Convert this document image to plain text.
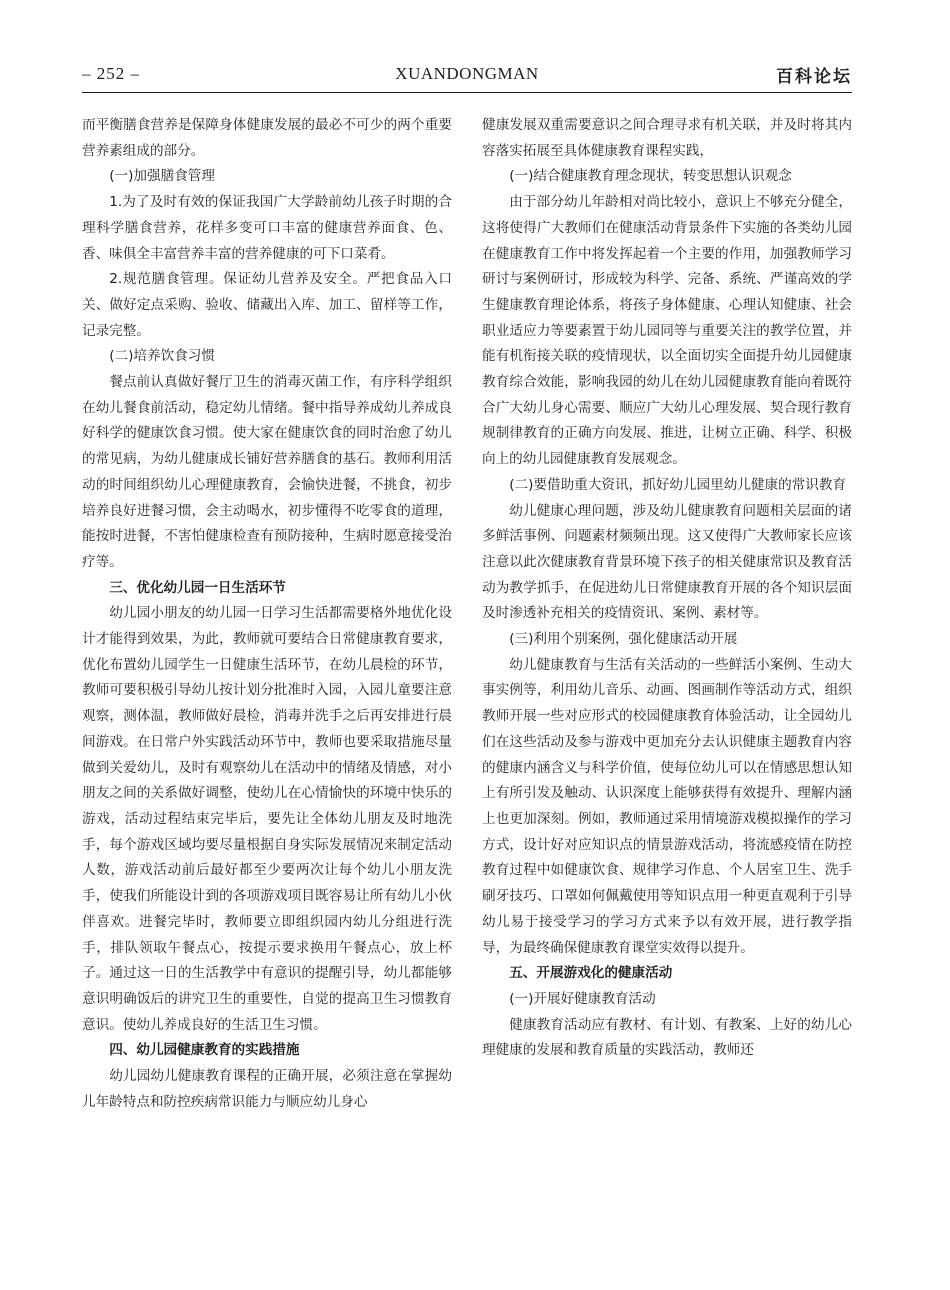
– 252 –	XUANDONGMAN	百科论坛

而平衡膳食营养是保障身体健康发展的最必不可少的两个重要营养素组成的部分。

(一)加强膳食管理

1.为了及时有效的保证我国广大学龄前幼儿孩子时期的合理科学膳食营养，花样多变可口丰富的健康营养面食、色、香、味俱全丰富营养丰富的营养健康的可下口菜肴。

2.规范膳食管理。保证幼儿营养及安全。严把食品入口关、做好定点采购、验收、储藏出入库、加工、留样等工作，记录完整。

(二)培养饮食习惯

餐点前认真做好餐厅卫生的消毒灭菌工作，有序科学组织在幼儿餐食前活动，稳定幼儿情绪。餐中指导养成幼儿养成良好科学的健康饮食习惯。使大家在健康饮食的同时治愈了幼儿的常见病，为幼儿健康成长铺好营养膳食的基石。教师利用活动的时间组织幼儿心理健康教育，会愉快进餐，不挑食，初步培养良好进餐习惯，会主动喝水，初步懂得不吃零食的道理，能按时进餐，不害怕健康检查有预防接种，生病时愿意接受治疗等。

三、优化幼儿园一日生活环节

幼儿园小朋友的幼儿园一日学习生活都需要格外地优化设计才能得到效果，为此，教师就可要结合日常健康教育要求，优化布置幼儿园学生一日健康生活环节，在幼儿晨检的环节，教师可要积极引导幼儿按计划分批准时入园，入园儿童要注意观察，测体温，教师做好晨检，消毒并洗手之后再安排进行晨间游戏。在日常户外实践活动环节中，教师也要采取措施尽量做到关爱幼儿，及时有观察幼儿在活动中的情绪及情感，对小朋友之间的关系做好调整，使幼儿在心情愉快的环境中快乐的游戏，活动过程结束完毕后，要先让全体幼儿朋友及时地洗手，每个游戏区域均要尽量根据自身实际发展情况来制定活动人数，游戏活动前后最好都至少要两次让每个幼儿小朋友洗手，使我们所能设计到的各项游戏项目既容易让所有幼儿小伙伴喜欢。进餐完毕时，教师要立即组织园内幼儿分组进行洗手，排队领取午餐点心，按提示要求换用午餐点心，放上杯子。通过这一日的生活教学中有意识的提醒引导，幼儿都能够意识明确饭后的讲究卫生的重要性，自觉的提高卫生习惯教育意识。使幼儿养成良好的生活卫生习惯。

四、幼儿园健康教育的实践措施

幼儿园幼儿健康教育课程的正确开展，必须注意在掌握幼儿年龄特点和防控疾病常识能力与顺应幼儿身心

健康发展双重需要意识之间合理寻求有机关联，并及时将其内容落实拓展至具体健康教育课程实践，

(一)结合健康教育理念现状，转变思想认识观念

由于部分幼儿年龄相对尚比较小，意识上不够充分健全，这将使得广大教师们在健康活动背景条件下实施的各类幼儿园在健康教育工作中将发挥起着一个主要的作用，加强教师学习研讨与案例研讨，形成较为科学、完备、系统、严谨高效的学生健康教育理论体系，将孩子身体健康、心理认知健康、社会职业适应力等要素置于幼儿园同等与重要关注的教学位置，并能有机衔接关联的疫情现状，以全面切实全面提升幼儿园健康教育综合效能，影响我园的幼儿在幼儿园健康教育能向着既符合广大幼儿身心需要、顺应广大幼儿心理发展、契合现行教育规制律教育的正确方向发展、推进，让树立正确、科学、积极向上的幼儿园健康教育发展观念。

(二)要借助重大资讯，抓好幼儿园里幼儿健康的常识教育

幼儿健康心理问题，涉及幼儿健康教育问题相关层面的诸多鲜活事例、问题素材频频出现。这又使得广大教师家长应该注意以此次健康教育背景环境下孩子的相关健康常识及教育活动为教学抓手，在促进幼儿日常健康教育开展的各个知识层面及时渗透补充相关的疫情资讯、案例、素材等。

(三)利用个别案例，强化健康活动开展

幼儿健康教育与生活有关活动的一些鲜活小案例、生动大事实例等，利用幼儿音乐、动画、图画制作等活动方式，组织教师开展一些对应形式的校园健康教育体验活动，让全园幼儿们在这些活动及参与游戏中更加充分去认识健康主题教育内容的健康内涵含义与科学价值，使每位幼儿可以在情感思想认知上有所引发及触动、认识深度上能够获得有效提升、理解内涵上也更加深刻。例如，教师通过采用情境游戏模拟操作的学习方式，设计好对应知识点的情景游戏活动，将流感疫情在防控教育过程中如健康饮食、规律学习作息、个人居室卫生、洗手刷牙技巧、口罩如何佩戴使用等知识点用一种更直观利于引导幼儿易于接受学习的学习方式来予以有效开展，进行教学指导，为最终确保健康教育课堂实效得以提升。

五、开展游戏化的健康活动

(一)开展好健康教育活动

健康教育活动应有教材、有计划、有教案、上好的幼儿心理健康的发展和教育质量的实践活动，教师还
